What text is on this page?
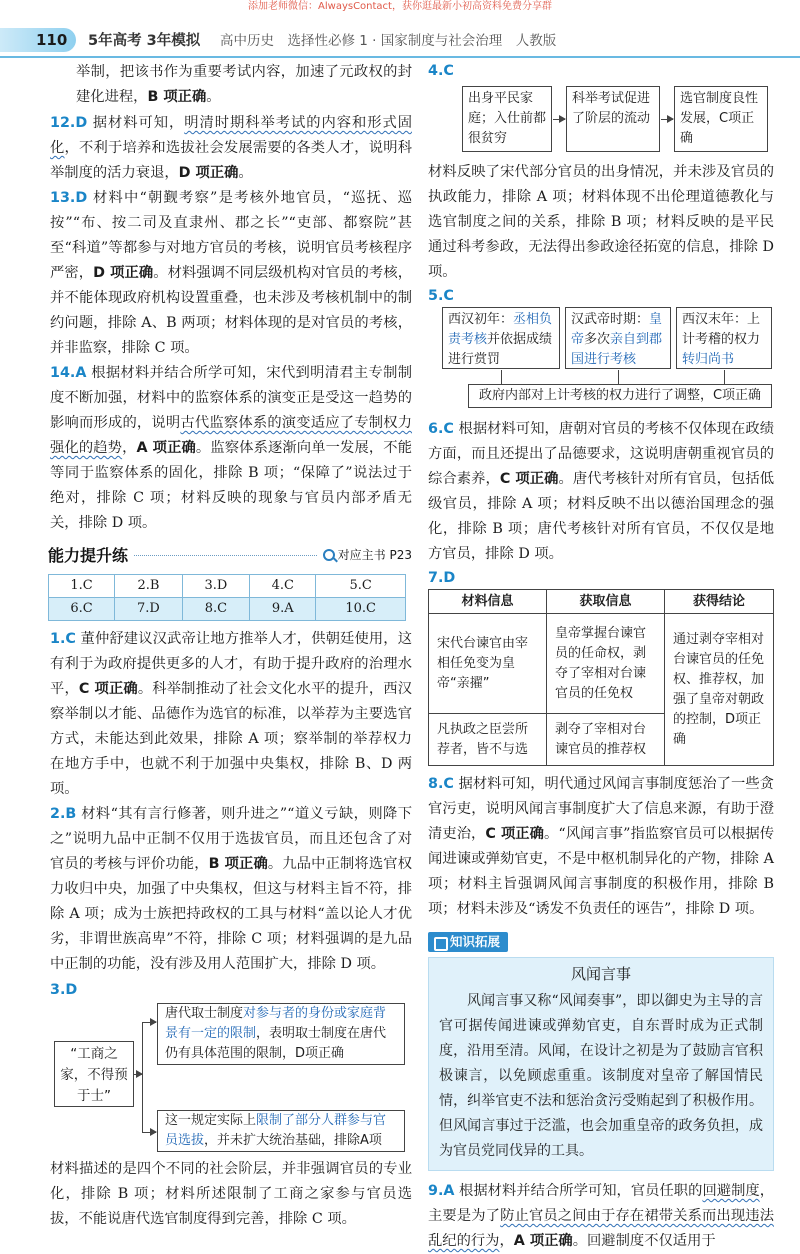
添加老师微信：AlwaysContact，获你逛最新小初高资料免费分享群
110	5年高考 3年模拟 高中历史　选择性必修 1 · 国家制度与社会治理　人教版

举制，把该书作为重要考试内容，加速了元政权的封建化进程，B 项正确。

12.D 据材料可知，明清时期科举考试的内容和形式固化，不利于培养和选拔社会发展需要的各类人才，说明科举制度的活力衰退，D 项正确。

13.D 材料中“朝觐考察”是考核外地官员，“巡抚、巡按”“布、按二司及直隶州、郡之长”“吏部、都察院”甚至“科道”等都参与对地方官员的考核，说明官员考核程序严密，D 项正确。材料强调不同层级机构对官员的考核，并不能体现政府机构设置重叠，也未涉及考核机制中的制约问题，排除 A、B 两项；材料体现的是对官员的考核，并非监察，排除 C 项。

14.A 根据材料并结合所学可知，宋代到明清君主专制制度不断加强，材料中的监察体系的演变正是受这一趋势的影响而形成的，说明古代监察体系的演变适应了专制权力强化的趋势，A 项正确。监察体系逐渐向单一发展，不能等同于监察体系的固化，排除 B 项；“保障了”说法过于绝对，排除 C 项；材料反映的现象与官员内部矛盾无关，排除 D 项。

能力提升练	对应主书 P23
1.C	2.B	3.D	4.C	5.C
6.C	7.D	8.C	9.A	10.C

1.C 董仲舒建议汉武帝让地方推举人才，供朝廷使用，这有利于为政府提供更多的人才，有助于提升政府的治理水平，C 项正确。科举制推动了社会文化水平的提升，西汉察举制以才能、品德作为选官的标准，以举荐为主要选官方式，未能达到此效果，排除 A 项；察举制的举荐权力在地方手中，也就不利于加强中央集权，排除 B、D 两项。

2.B 材料“其有言行修著，则升进之”“道义亏缺，则降下之”说明九品中正制不仅用于选拔官员，而且还包含了对官员的考核与评价功能，B 项正确。九品中正制将选官权力收归中央，加强了中央集权，但这与材料主旨不符，排除 A 项；成为士族把持政权的工具与材料“盖以论人才优劣，非谓世族高卑”不符，排除 C 项；材料强调的是九品中正制的功能，没有涉及用人范围扩大，排除 D 项。

3.D
“工商之家，不得预于士”
唐代取士制度对参与者的身份或家庭背景有一定的限制，表明取士制度在唐代仍有具体范围的限制，D项正确
这一规定实际上限制了部分人群参与官员选拔，并未扩大统治基础，排除A项

材料描述的是四个不同的社会阶层，并非强调官员的专业化，排除 B 项；材料所述限制了工商之家参与官员选拔，不能说唐代选官制度得到完善，排除 C 项。

4.C
出身平民家庭；入仕前都很贫穷
科举考试促进了阶层的流动
选官制度良性发展，C项正确

材料反映了宋代部分官员的出身情况，并未涉及官员的执政能力，排除 A 项；材料体现不出伦理道德教化与选官制度之间的关系，排除 B 项；材料反映的是平民通过科考参政，无法得出参政途径拓宽的信息，排除 D 项。

5.C
西汉初年：丞相负责考核并依据成绩进行赏罚
汉武帝时期：皇帝多次亲自到郡国进行考核
西汉末年：上计考稽的权力转归尚书
政府内部对上计考核的权力进行了调整，C项正确

6.C 根据材料可知，唐朝对官员的考核不仅体现在政绩方面，而且还提出了品德要求，这说明唐朝重视官员的综合素养，C 项正确。唐代考核针对所有官员，包括低级官员，排除 A 项；材料反映不出以德治国理念的强化，排除 B 项；唐代考核针对所有官员，不仅仅是地方官员，排除 D 项。

7.D
材料信息	获取信息	获得结论
宋代台谏官由宰相任免变为皇帝“亲擢”	皇帝掌握台谏官员的任命权，剥夺了宰相对台谏官员的任免权	通过剥夺宰相对台谏官员的任免权、推荐权，加强了皇帝对朝政的控制，D项正确
凡执政之臣尝所荐者，皆不与选	剥夺了宰相对台谏官员的推荐权	

8.C 据材料可知，明代通过风闻言事制度惩治了一些贪官污吏，说明风闻言事制度扩大了信息来源，有助于澄清吏治，C 项正确。“风闻言事”指监察官员可以根据传闻进谏或弹劾官吏，不是中枢机制异化的产物，排除 A 项；材料主旨强调风闻言事制度的积极作用，排除 B 项；材料未涉及“诱发不负责任的诬告”，排除 D 项。

知识拓展
风闻言事

风闻言事又称“风闻奏事”，即以御史为主导的言官可据传闻进谏或弹劾官吏，自东晋时成为正式制度，沿用至清。风闻，在设计之初是为了鼓励言官积极谏言，以免顾虑重重。该制度对皇帝了解国情民情，纠举官吏不法和惩治贪污受贿起到了积极作用。但风闻言事过于泛滥，也会加重皇帝的政务负担，成为官员党同伐异的工具。

9.A 根据材料并结合所学可知，官员任职的回避制度，主要是为了防止官员之间由于存在裙带关系而出现违法乱纪的行为，A 项正确。回避制度不仅适用于
